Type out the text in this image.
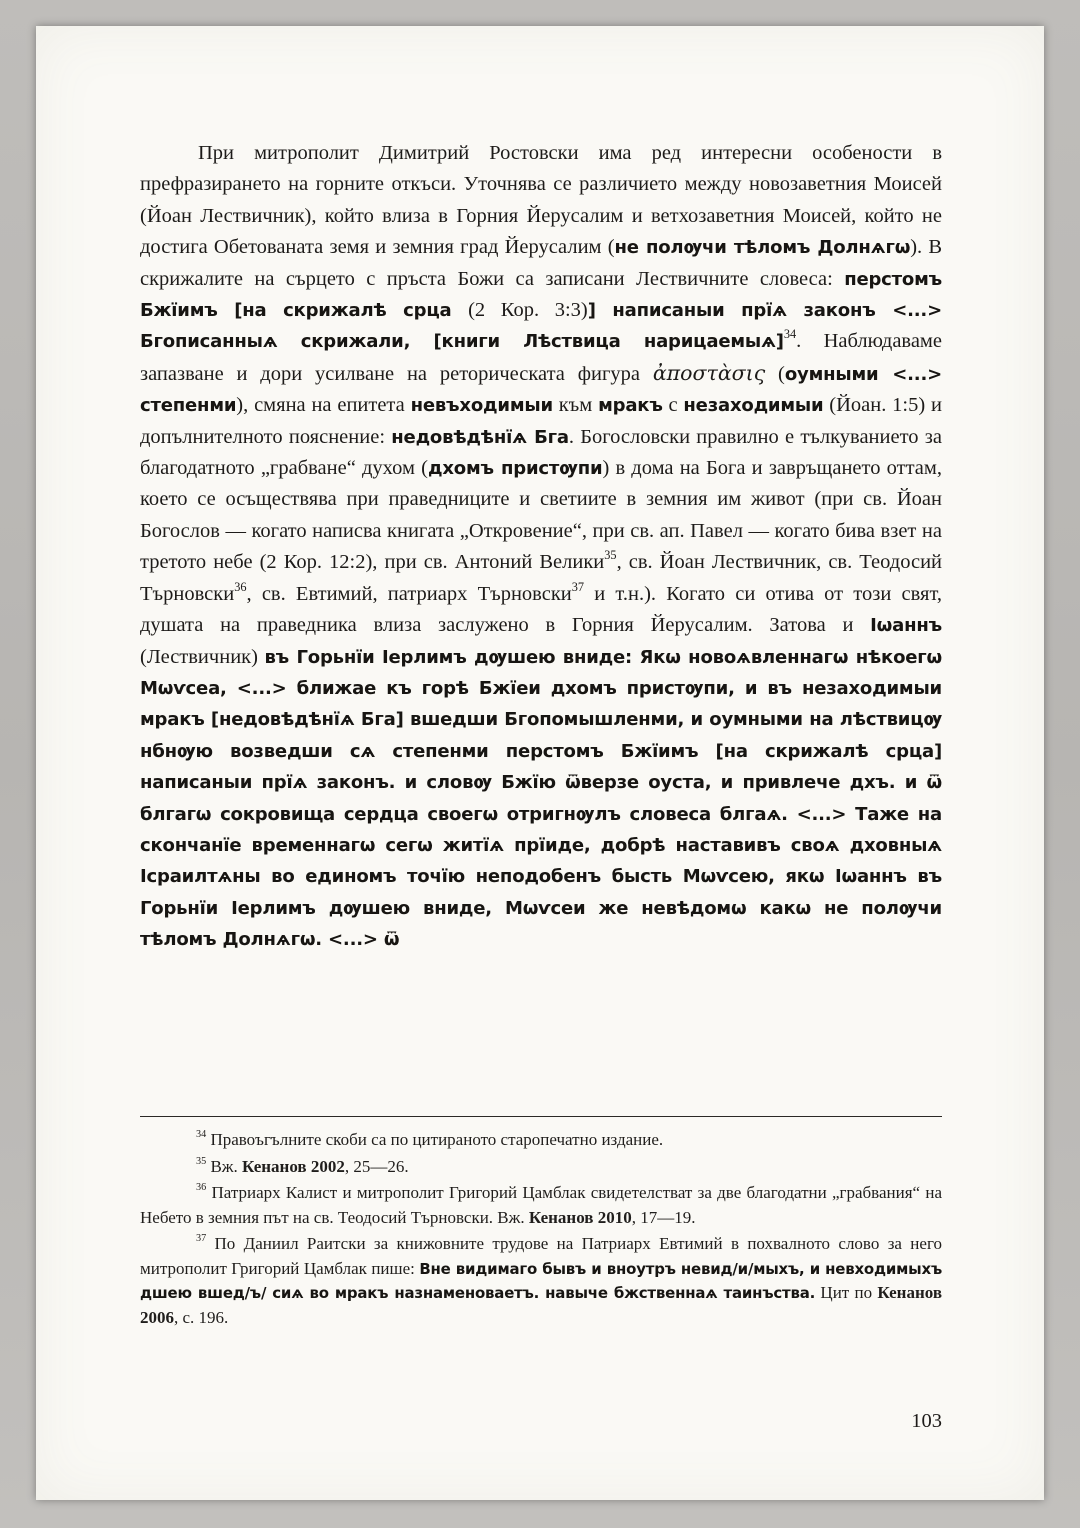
При митрополит Димитрий Ростовски има ред интересни особености в префразирането на горните откъси. Уточнява се различието между новозаветния Моисей (Йоан Лествичник), който влиза в Горния Йерусалим и ветхозаветния Моисей, който не достига Обетованата земя и земния град Йерусалим (не полѹчи тѣломъ Долнѧгѡ). В скрижалите на сърцето с пръста Божи са записани Лествичните словеса: перстомъ Бжїимъ [на скрижалѣ срца (2 Кор. 3:3)] написаныи прїѧ законъ <...> Бгописанныѧ скрижали, [книги Лѣствица нарицаемыѧ]$^{34}$. Наблюдаваме запазване и дори усилване на реторическата фигура ἀποστὰσις (оумными <...> степенми), смяна на епитета невъходимыи към мракъ с незаходимыи (Йоан. 1:5) и допълнителното пояснение: недовѣдѣнїѧ Бга. Богословски правилно е тълкуванието за благодатното „грабване“ духом (дхомъ пристѹпи) в дома на Бога и завръщането оттам, което се осъществява при праведниците и светиите в земния им живот (при св. Йоан Богослов — когато написва книгата „Откровение“, при св. ап. Павел — когато бива взет на третото небе (2 Кор. 12:2), при св. Антоний Велики$^{35}$, св. Йоан Лествичник, св. Теодосий Търновски$^{36}$, св. Евтимий, патриарх Търновски$^{37}$ и т.н.). Когато си отива от този свят, душата на праведника влиза заслужено в Горния Йерусалим. Затова и Іѡаннъ (Лествичник) въ Горьнїи Іерлимъ дѹшею вниде: Якѡ новоѧвленнагѡ нѣкоегѡ Мѡѵсеа, <...> ближае къ горѣ Бжїеи дхомъ пристѹпи, и въ незаходимыи мракъ [недовѣдѣнїѧ Бга] вшедши Бгопомышленми, и оумными на лѣствицѹ нбнѹю возведши сѧ степенми перстомъ Бжїимъ [на скрижалѣ срца] написаныи прїѧ законъ. и словѹ Бжїю ѿверзе оуста, и привлече дхъ. и ѿ блгагѡ сокровища сердца своегѡ отригнѹлъ словеса блгаѧ. <...> Таже на скончанїе временнагѡ сегѡ житїѧ прїиде, добрѣ наставивъ своѧ дховныѧ Ісраилтѧны во единомъ точїю неподобенъ бысть Мѡѵсею, якѡ Іѡаннъ въ Горьнїи Іерлимъ дѹшею вниде, Мѡѵсеи же невѣдомѡ какѡ не полѹчи тѣломъ Долнѧгѡ. <...> ѿ

$^{34}$ Правоъгълните скоби са по цитираното старопечатно издание.

$^{35}$ Вж. Кенанов 2002, 25—26.

$^{36}$ Патриарх Калист и митрополит Григорий Цамблак свидетелстват за две благодатни „грабвания“ на Небето в земния път на св. Теодосий Търновски. Вж. Кенанов 2010, 17—19.

$^{37}$ По Даниил Раитски за книжовните трудове на Патриарх Евтимий в похвалното слово за него митрополит Григорий Цамблак пише: Вне видимаго бывъ и вноутръ невид/и/мыхъ, и невходимыхъ дшею вшед/ъ/ сиѧ во мракъ назнаменоваетъ. навыче бжственнаѧ таинъства. Цит по Кенанов 2006, с. 196.

103
